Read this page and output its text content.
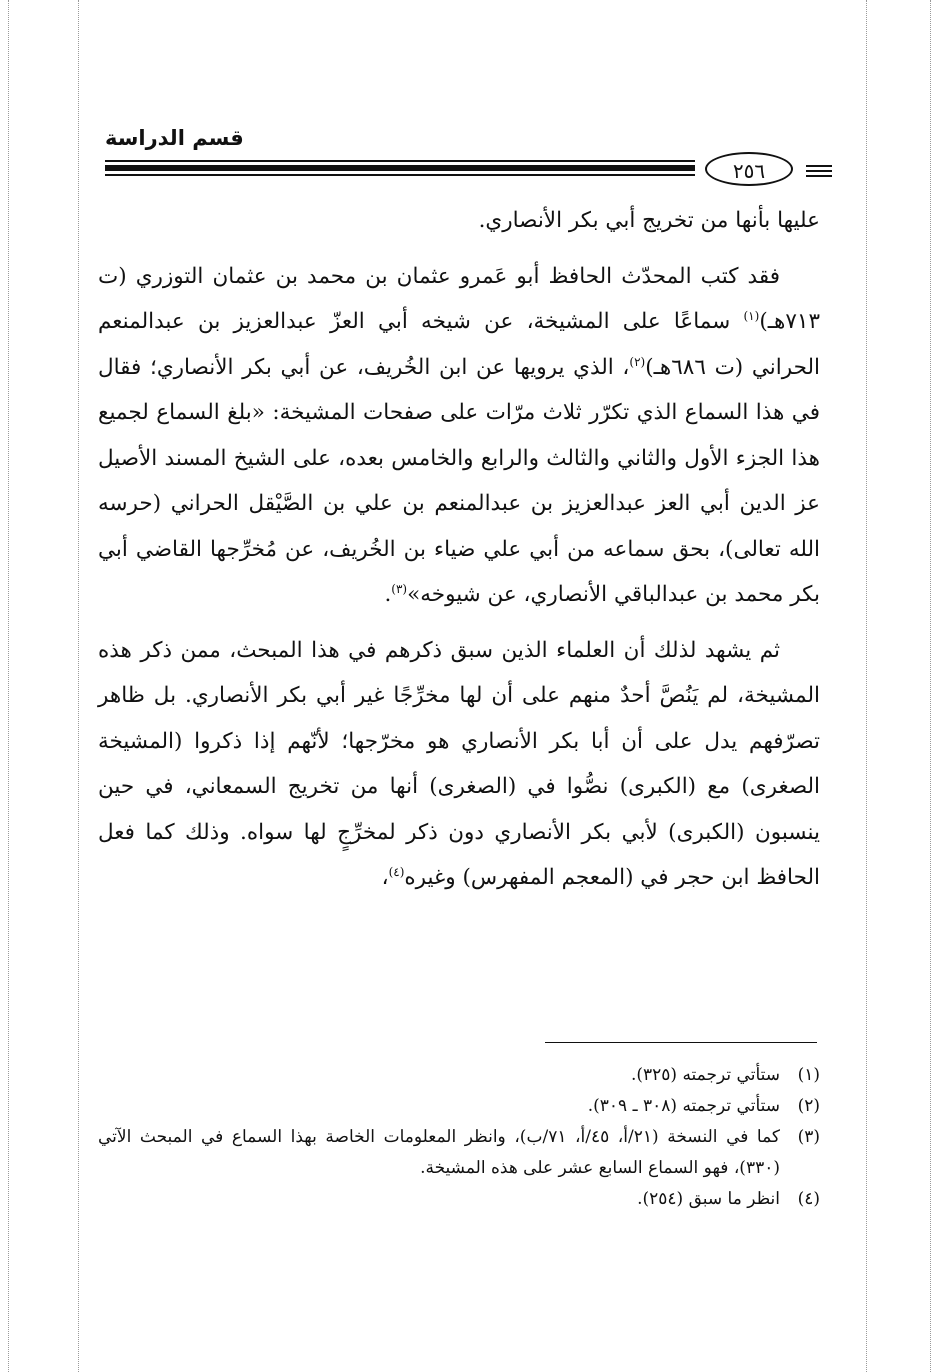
قسم الدراسة
٢٥٦

عليها بأنها من تخريج أبي بكر الأنصاري.

فقد كتب المحدّث الحافظ أبو عَمرو عثمان بن محمد بن عثمان التوزري (ت ٧١٣هـ)$^{(١)}$ سماعًا على المشيخة، عن شيخه أبي العزّ عبدالعزيز بن عبدالمنعم الحراني (ت ٦٨٦هـ)$^{(٢)}$، الذي يرويها عن ابن الخُريف، عن أبي بكر الأنصاري؛ فقال في هذا السماع الذي تكرّر ثلاث مرّات على صفحات المشيخة: «بلغ السماع لجميع هذا الجزء الأول والثاني والثالث والرابع والخامس بعده، على الشيخ المسند الأصيل عز الدين أبي العز عبدالعزيز بن عبدالمنعم بن علي بن الصَّيْقل الحراني (حرسه الله تعالى)، بحق سماعه من أبي علي ضياء بن الخُريف، عن مُخرِّجها القاضي أبي بكر محمد بن عبدالباقي الأنصاري، عن شيوخه»$^{(٣)}$.

ثم يشهد لذلك أن العلماء الذين سبق ذكرهم في هذا المبحث، ممن ذكر هذه المشيخة، لم يَنُصَّ أحدٌ منهم على أن لها مخرِّجًا غير أبي بكر الأنصاري. بل ظاهر تصرّفهم يدل على أن أبا بكر الأنصاري هو مخرّجها؛ لأنّهم إذا ذكروا (المشيخة الصغرى) مع (الكبرى) نصُّوا في (الصغرى) أنها من تخريج السمعاني، في حين ينسبون (الكبرى) لأبي بكر الأنصاري دون ذكر لمخرِّجٍ لها سواه. وذلك كما فعل الحافظ ابن حجر في (المعجم المفهرس) وغيره$^{(٤)}$،

(١)
ستأتي ترجمته (٣٢٥).
(٢)
ستأتي ترجمته (٣٠٨ ـ ٣٠٩).
(٣)
كما في النسخة (٢١/أ، ٤٥/أ، ٧١/ب)، وانظر المعلومات الخاصة بهذا السماع في المبحث الآتي (٣٣٠)، فهو السماع السابع عشر على هذه المشيخة.
(٤)
انظر ما سبق (٢٥٤).
